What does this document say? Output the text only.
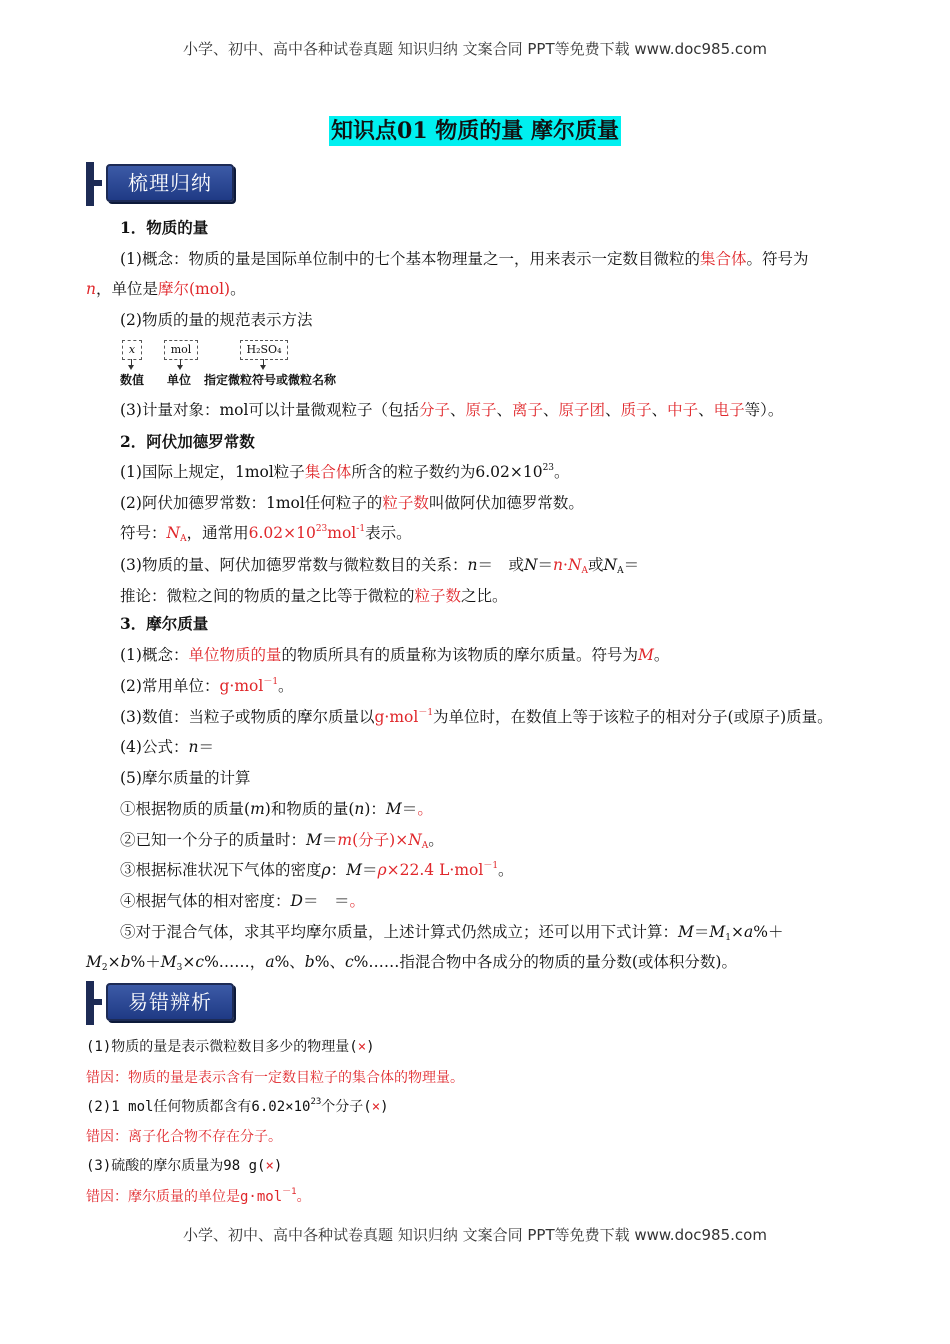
小学、初中、高中各种试卷真题 知识归纳 文案合同 PPT等免费下载 www.doc985.com
知识点01 物质的量 摩尔质量
梳理归纳
1．物质的量
(1)概念：物质的量是国际单位制中的七个基本物理量之一，用来表示一定数目微粒的集合体。符号为
n，单位是摩尔(mol)。
(2)物质的量的规范表示方法
x	mol	H₂SO₄
数值 单位 指定微粒符号或微粒名称
(3)计量对象：mol可以计量微观粒子（包括分子、原子、离子、原子团、质子、中子、电子等）。
2．阿伏加德罗常数
(1)国际上规定，1mol粒子集合体所含的粒子数约为$6.02\times 10^{23}$。
(2)阿伏加德罗常数：1mol任何粒子的粒子数叫做阿伏加德罗常数。
符号：$N_A$，通常用$6.02\times 10^{23}mol^{-1}$表示。
(3)物质的量、阿伏加德罗常数与微粒数目的关系：n＝　或$N=n\cdot N_A$或$N_A=$
推论：微粒之间的物质的量之比等于微粒的粒子数之比。
3．摩尔质量
(1)概念：单位物质的量的物质所具有的质量称为该物质的摩尔质量。符号为M。
(2)常用单位：g·mol$^{-1}$。
(3)数值：当粒子或物质的摩尔质量以g·mol$^{-1}$为单位时，在数值上等于该粒子的相对分子(或原子)质量。
(4)公式：n＝
(5)摩尔质量的计算
①根据物质的质量(m)和物质的量(n)：M＝。
②已知一个分子的质量时：M＝m(分子)$\times N_A$。
③根据标准状况下气体的密度ρ：M＝ρ×22.4 L·mol$^{-1}$。
④根据气体的相对密度：D＝　＝。
⑤对于混合气体，求其平均摩尔质量，上述计算式仍然成立；还可以用下式计算：$M=M_1\times a\%+$
$M_2\times b\%+M_3\times c\%\dots\dots$，a%、b%、c%……指混合物中各成分的物质的量分数(或体积分数)。
易错辨析
(1)物质的量是表示微粒数目多少的物理量(×)
错因：物质的量是表示含有一定数目粒子的集合体的物理量。
(2)1 mol任何物质都含有$6.02\times 10^{23}$个分子(×)
错因：离子化合物不存在分子。
(3)硫酸的摩尔质量为98 g(×)
错因：摩尔质量的单位是g·mol$^{-1}$。
小学、初中、高中各种试卷真题 知识归纳 文案合同 PPT等免费下载 www.doc985.com
